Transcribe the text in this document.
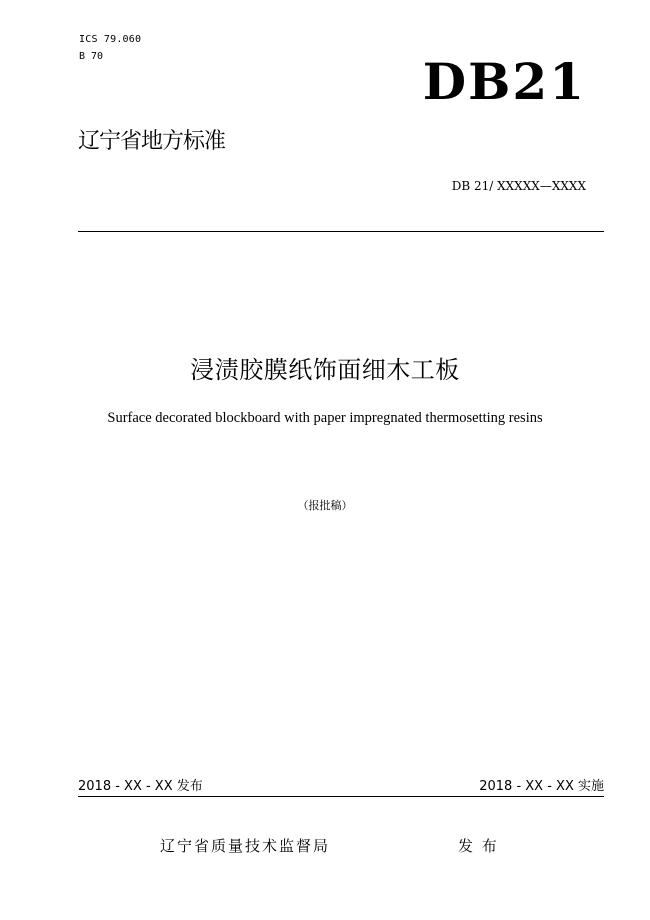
ICS 79.060
B 70	DB21
辽宁省地方标准
DB 21/ XXXXX—XXXX
浸渍胶膜纸饰面细木工板
Surface decorated blockboard with paper impregnated thermosetting resins
（报批稿）
2018 - XX - XX 发布	2018 - XX - XX 实施
辽宁省质量技术监督局	发 布
